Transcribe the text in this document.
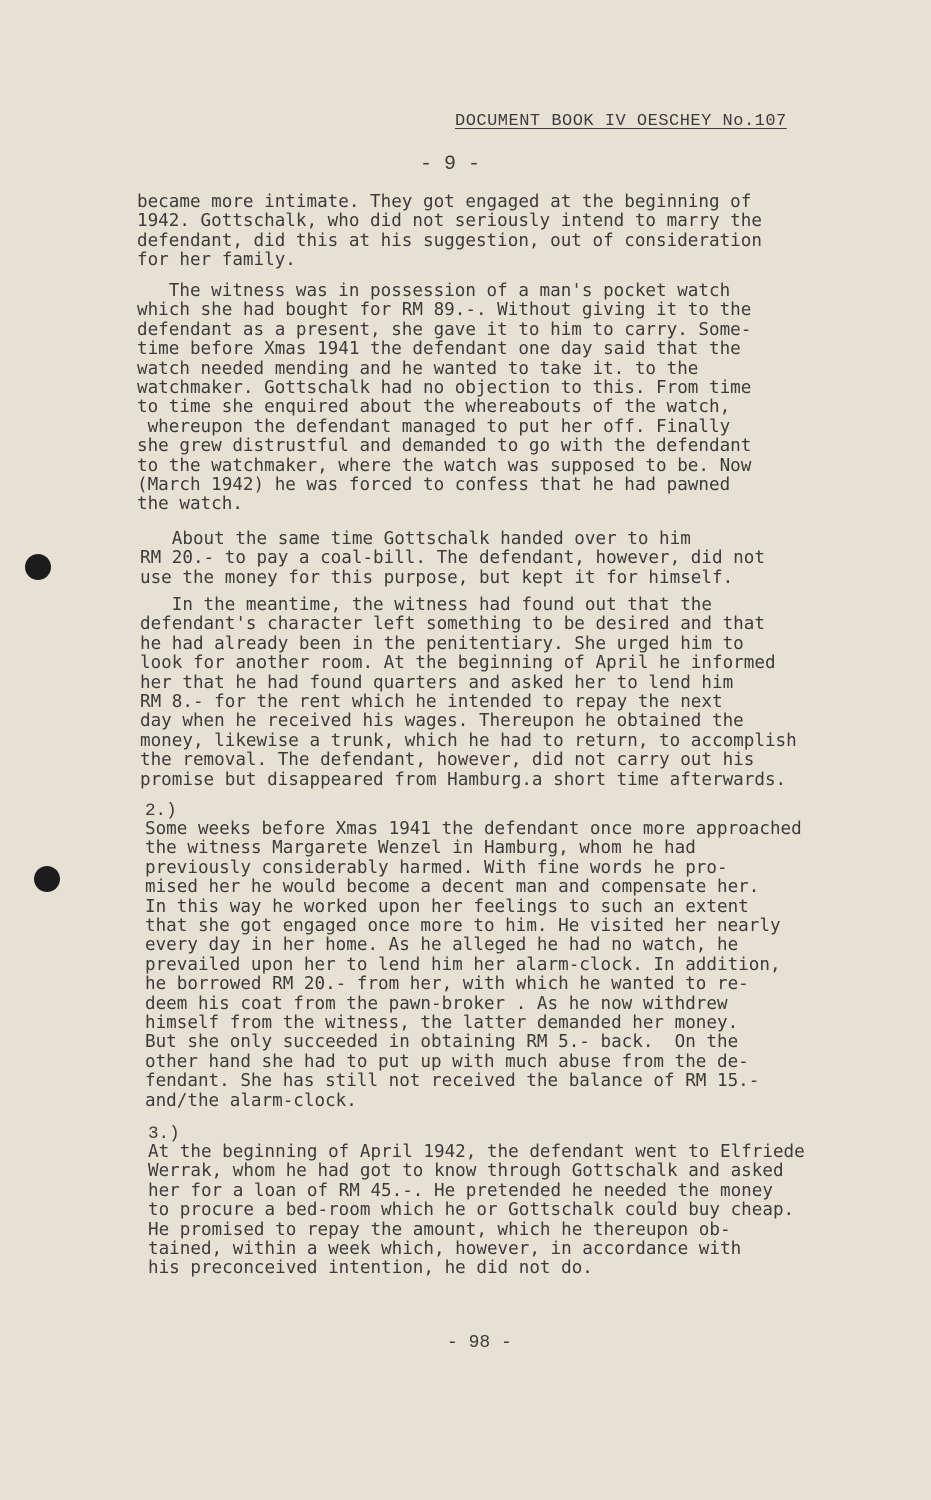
DOCUMENT BOOK IV OESCHEY No.107
- 9 -
became more intimate. They got engaged at the beginning of
1942. Gottschalk, who did not seriously intend to marry the
defendant, did this at his suggestion, out of consideration
for her family.
The witness was in possession of a man's pocket watch
which she had bought for RM 89.-. Without giving it to the
defendant as a present, she gave it to him to carry. Some-
time before Xmas 1941 the defendant one day said that the
watch needed mending and he wanted to take it. to the
watchmaker. Gottschalk had no objection to this. From time
to time she enquired about the whereabouts of the watch,
whereupon the defendant managed to put her off. Finally
she grew distrustful and demanded to go with the defendant
to the watchmaker, where the watch was supposed to be. Now
(March 1942) he was forced to confess that he had pawned
the watch.
About the same time Gottschalk handed over to him
RM 20.- to pay a coal-bill. The defendant, however, did not
use the money for this purpose, but kept it for himself.
In the meantime, the witness had found out that the
defendant's character left something to be desired and that
he had already been in the penitentiary. She urged him to
look for another room. At the beginning of April he informed
her that he had found quarters and asked her to lend him
RM 8.- for the rent which he intended to repay the next
day when he received his wages. Thereupon he obtained the
money, likewise a trunk, which he had to return, to accomplish
the removal. The defendant, however, did not carry out his
promise but disappeared from Hamburg.a short time afterwards.
2.)
Some weeks before Xmas 1941 the defendant once more approached
the witness Margarete Wenzel in Hamburg, whom he had
previously considerably harmed. With fine words he pro-
mised her he would become a decent man and compensate her.
In this way he worked upon her feelings to such an extent
that she got engaged once more to him. He visited her nearly
every day in her home. As he alleged he had no watch, he
prevailed upon her to lend him her alarm-clock. In addition,
he borrowed RM 20.- from her, with which he wanted to re-
deem his coat from the pawn-broker . As he now withdrew
himself from the witness, the latter demanded her money.
But she only succeeded in obtaining RM 5.- back.  On the
other hand she had to put up with much abuse from the de-
fendant. She has still not received the balance of RM 15.-
and/the alarm-clock.
3.)
At the beginning of April 1942, the defendant went to Elfriede
Werrak, whom he had got to know through Gottschalk and asked
her for a loan of RM 45.-. He pretended he needed the money
to procure a bed-room which he or Gottschalk could buy cheap.
He promised to repay the amount, which he thereupon ob-
tained, within a week which, however, in accordance with
his preconceived intention, he did not do.
- 98 -
